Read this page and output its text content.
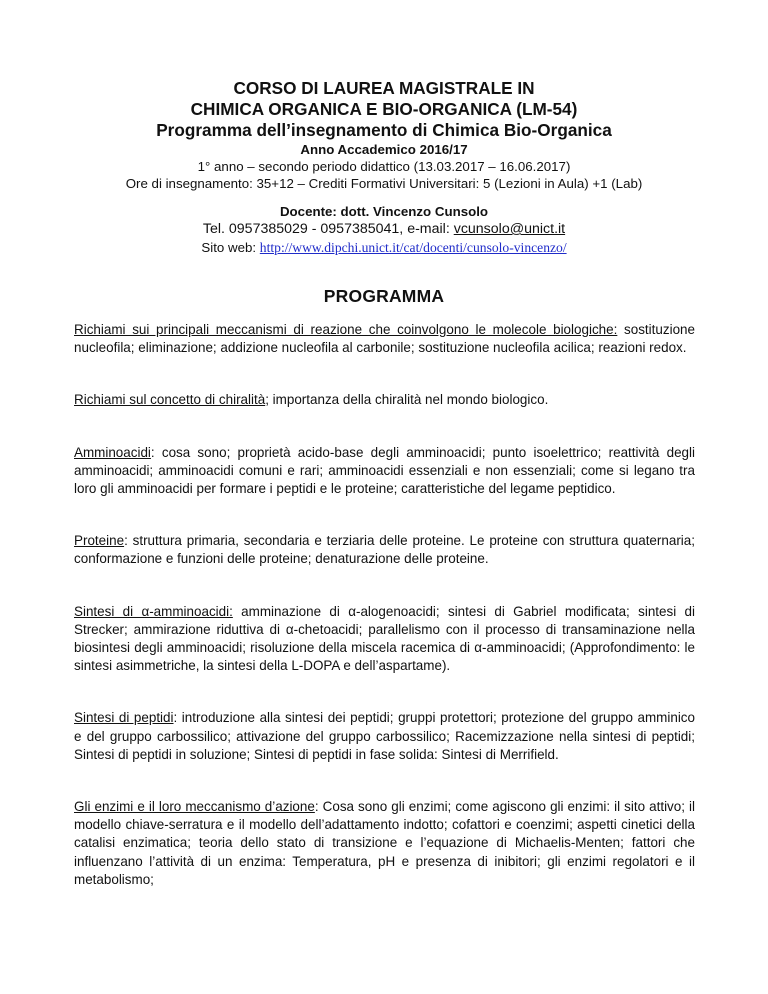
CORSO DI LAUREA MAGISTRALE IN

CHIMICA ORGANICA E BIO-ORGANICA (LM-54)

Programma dell’insegnamento di Chimica Bio-Organica

Anno Accademico 2016/17

1° anno – secondo periodo didattico (13.03.2017 – 16.06.2017)

Ore di insegnamento: 35+12 – Crediti Formativi Universitari: 5 (Lezioni in Aula) +1 (Lab)

Docente: dott. Vincenzo Cunsolo

Tel. 0957385029 - 0957385041, e-mail: vcunsolo@unict.it

Sito web: http://www.dipchi.unict.it/cat/docenti/cunsolo-vincenzo/

PROGRAMMA

Richiami sui principali meccanismi di reazione che coinvolgono le molecole biologiche: sostituzione nucleofila; eliminazione; addizione nucleofila al carbonile; sostituzione nucleofila acilica; reazioni redox.

Richiami sul concetto di chiralità; importanza della chiralità nel mondo biologico.

Amminoacidi: cosa sono; proprietà acido-base degli amminoacidi; punto isoelettrico; reattività degli amminoacidi; amminoacidi comuni e rari; amminoacidi essenziali e non essenziali; come si legano tra loro gli amminoacidi per formare i peptidi e le proteine; caratteristiche del legame peptidico.

Proteine: struttura primaria, secondaria e terziaria delle proteine. Le proteine con struttura quaternaria; conformazione e funzioni delle proteine; denaturazione delle proteine.

Sintesi di α-amminoacidi: amminazione di α-alogenoacidi; sintesi di Gabriel modificata; sintesi di Strecker; ammirazione riduttiva di α-chetoacidi; parallelismo con il processo di transaminazione nella biosintesi degli amminoacidi; risoluzione della miscela racemica di α-amminoacidi; (Approfondimento: le sintesi asimmetriche, la sintesi della L-DOPA e dell’aspartame).

Sintesi di peptidi: introduzione alla sintesi dei peptidi; gruppi protettori; protezione del gruppo amminico e del gruppo carbossilico; attivazione del gruppo carbossilico; Racemizzazione nella sintesi di peptidi; Sintesi di peptidi in soluzione; Sintesi di peptidi in fase solida: Sintesi di Merrifield.

Gli enzimi e il loro meccanismo d’azione: Cosa sono gli enzimi; come agiscono gli enzimi: il sito attivo; il modello chiave-serratura e il modello dell’adattamento indotto; cofattori e coenzimi; aspetti cinetici della catalisi enzimatica; teoria dello stato di transizione e l’equazione di Michaelis-Menten; fattori che influenzano l’attività di un enzima: Temperatura, pH e presenza di inibitori; gli enzimi regolatori e il metabolismo;
